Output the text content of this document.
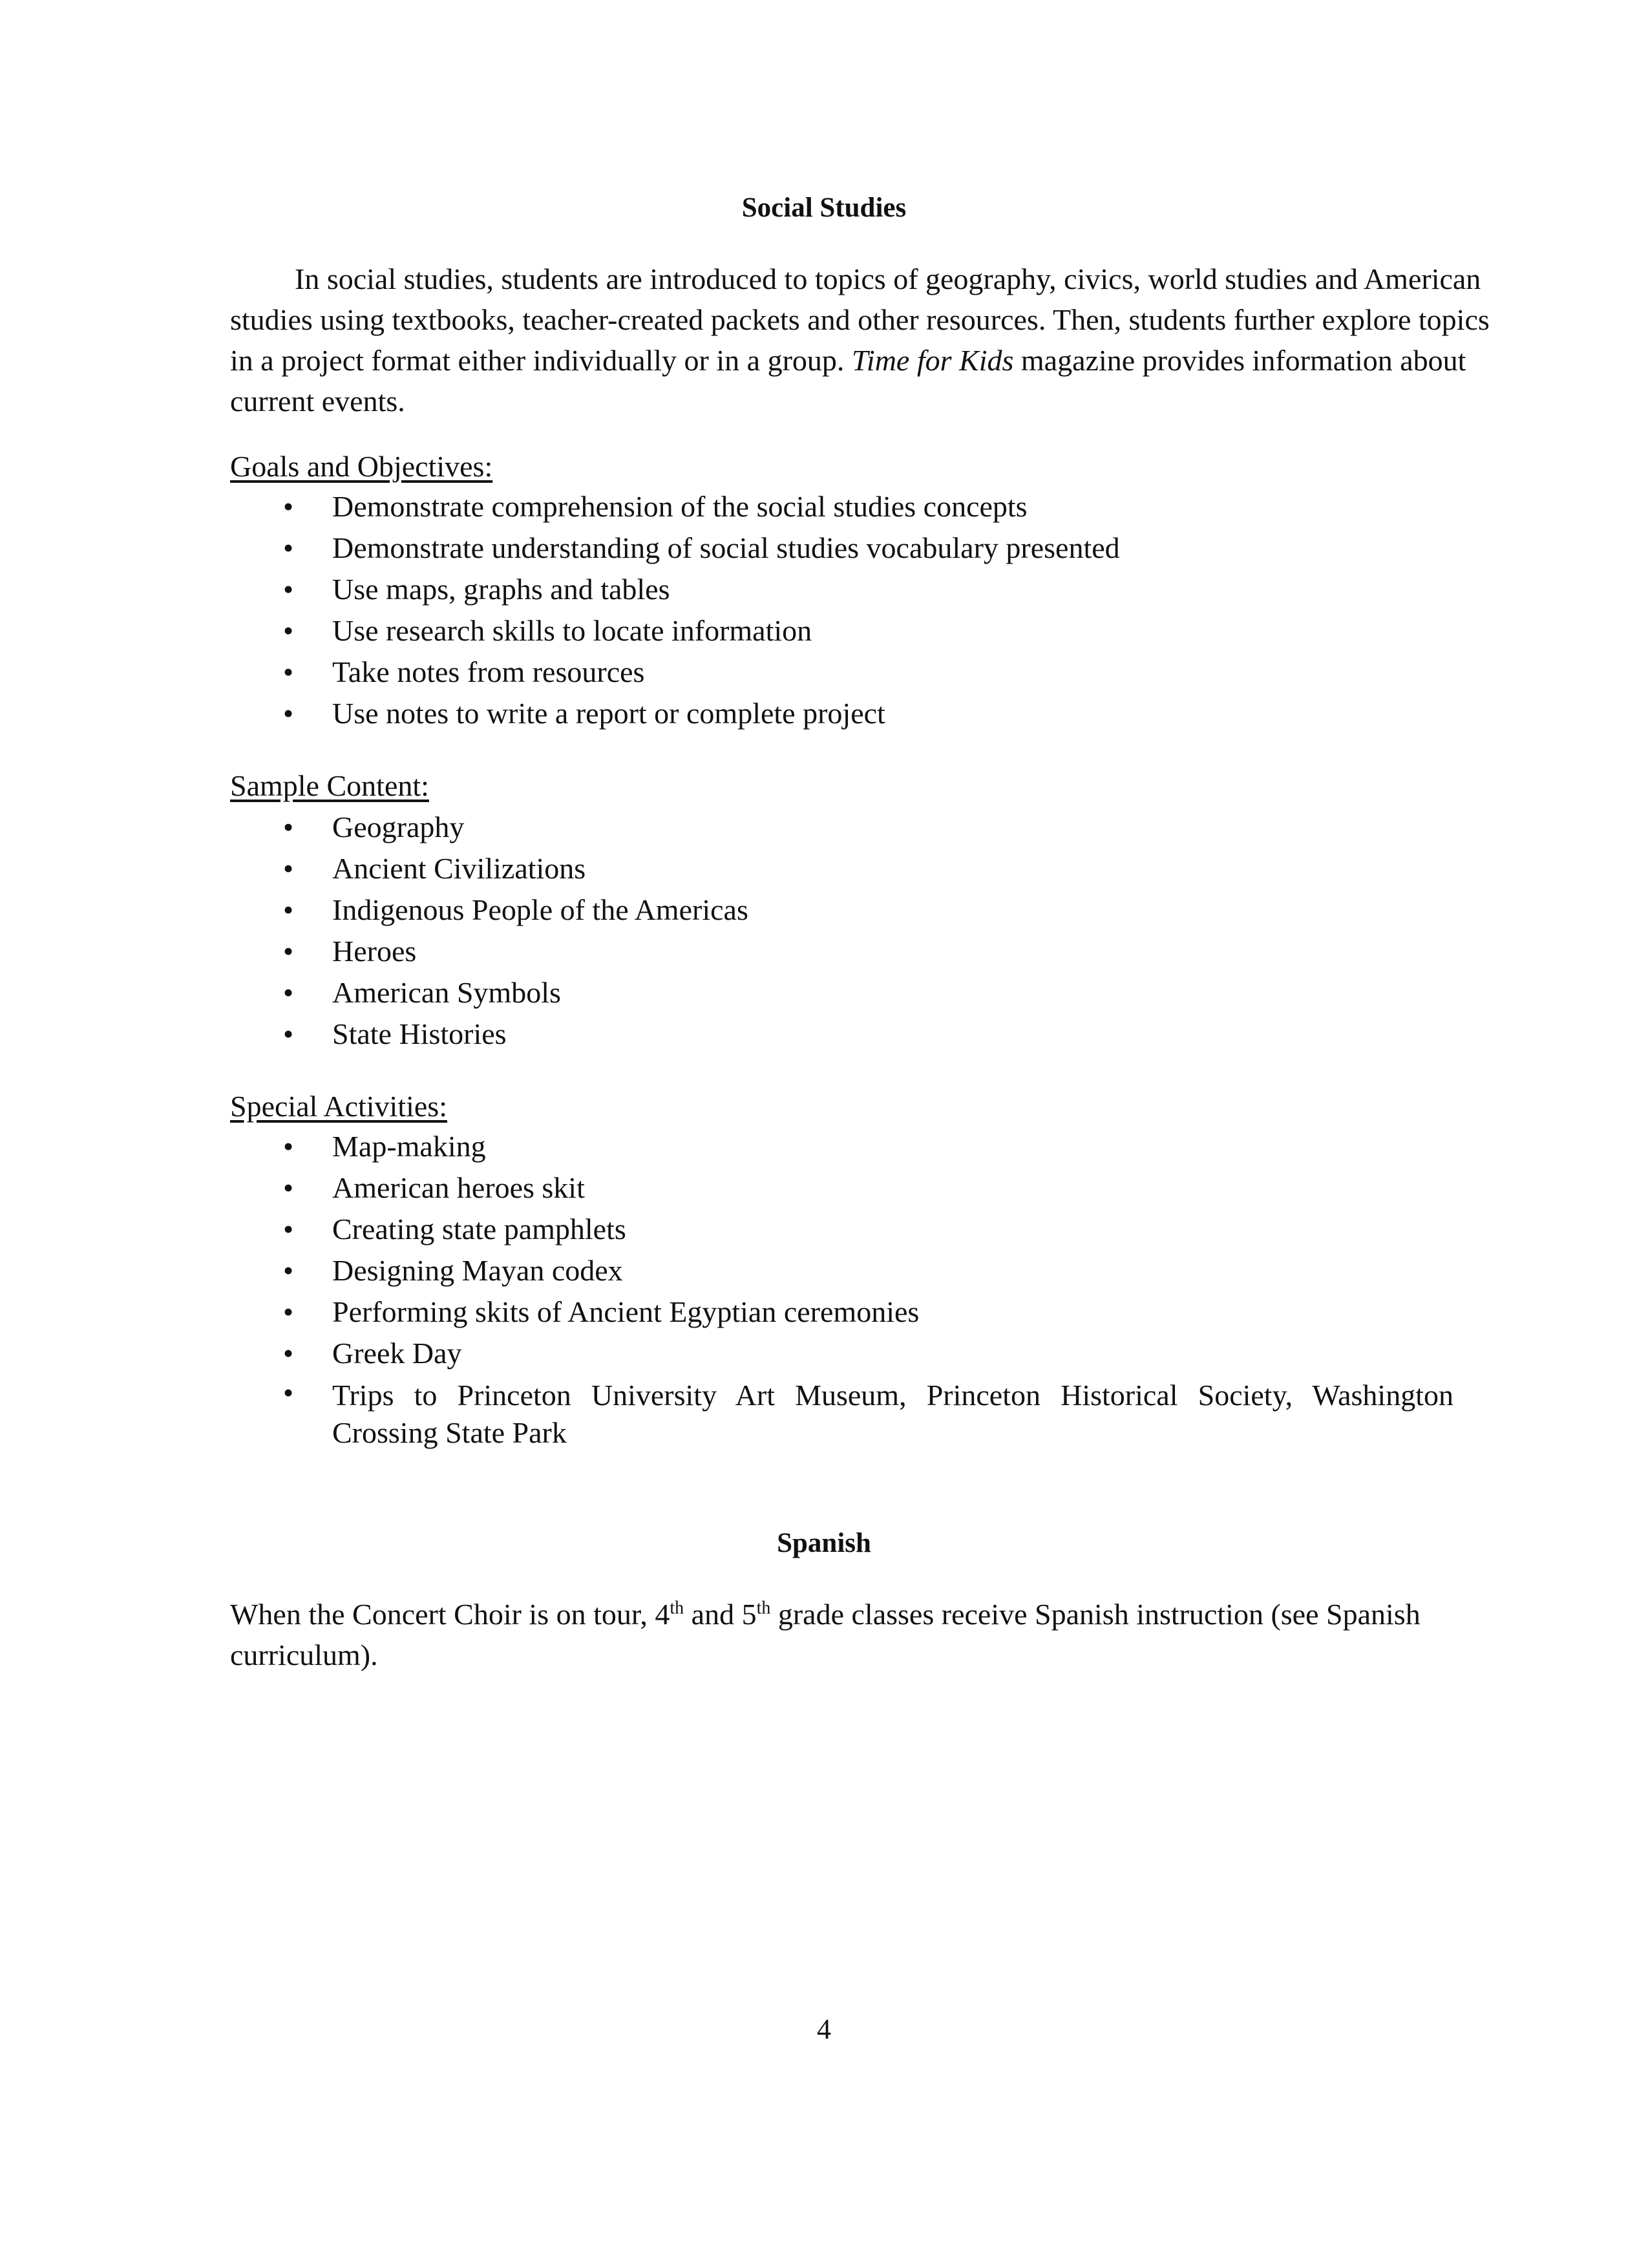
Social Studies

In social studies, students are introduced to topics of geography, civics, world studies and American studies using textbooks, teacher-created packets and other resources. Then, students further explore topics in a project format either individually or in a group. Time for Kids magazine provides information about current events.

Goals and Objectives:
• Demonstrate comprehension of the social studies concepts
• Demonstrate understanding of social studies vocabulary presented
• Use maps, graphs and tables
• Use research skills to locate information
• Take notes from resources
• Use notes to write a report or complete project
Sample Content:
• Geography
• Ancient Civilizations
• Indigenous People of the Americas
• Heroes
• American Symbols
• State Histories
Special Activities:
• Map-making
• American heroes skit
• Creating state pamphlets
• Designing Mayan codex
• Performing skits of Ancient Egyptian ceremonies
• Greek Day
• Trips to Princeton University Art Museum, Princeton Historical Society, Washington
Crossing State Park
Spanish

When the Concert Choir is on tour, 4th and 5th grade classes receive Spanish instruction (see Spanish curriculum).

4
